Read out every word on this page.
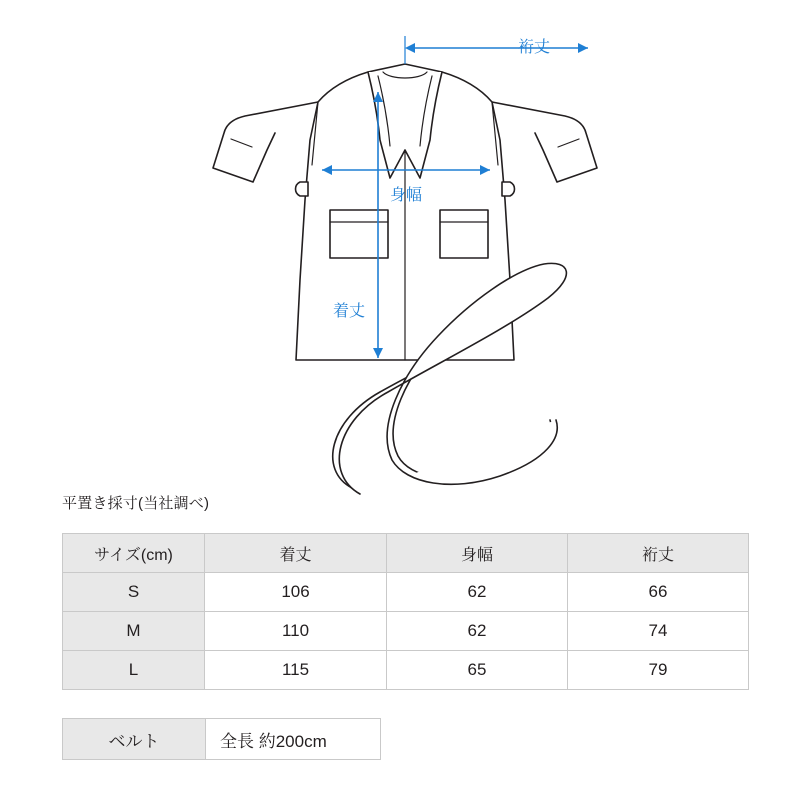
裄丈
身幅
着丈
平置き採寸(当社調べ)
サイズ(cm)	着丈	身幅	裄丈
S	106	62	66
M	110	62	74
L	115	65	79
ベルト	全長 約200cm
